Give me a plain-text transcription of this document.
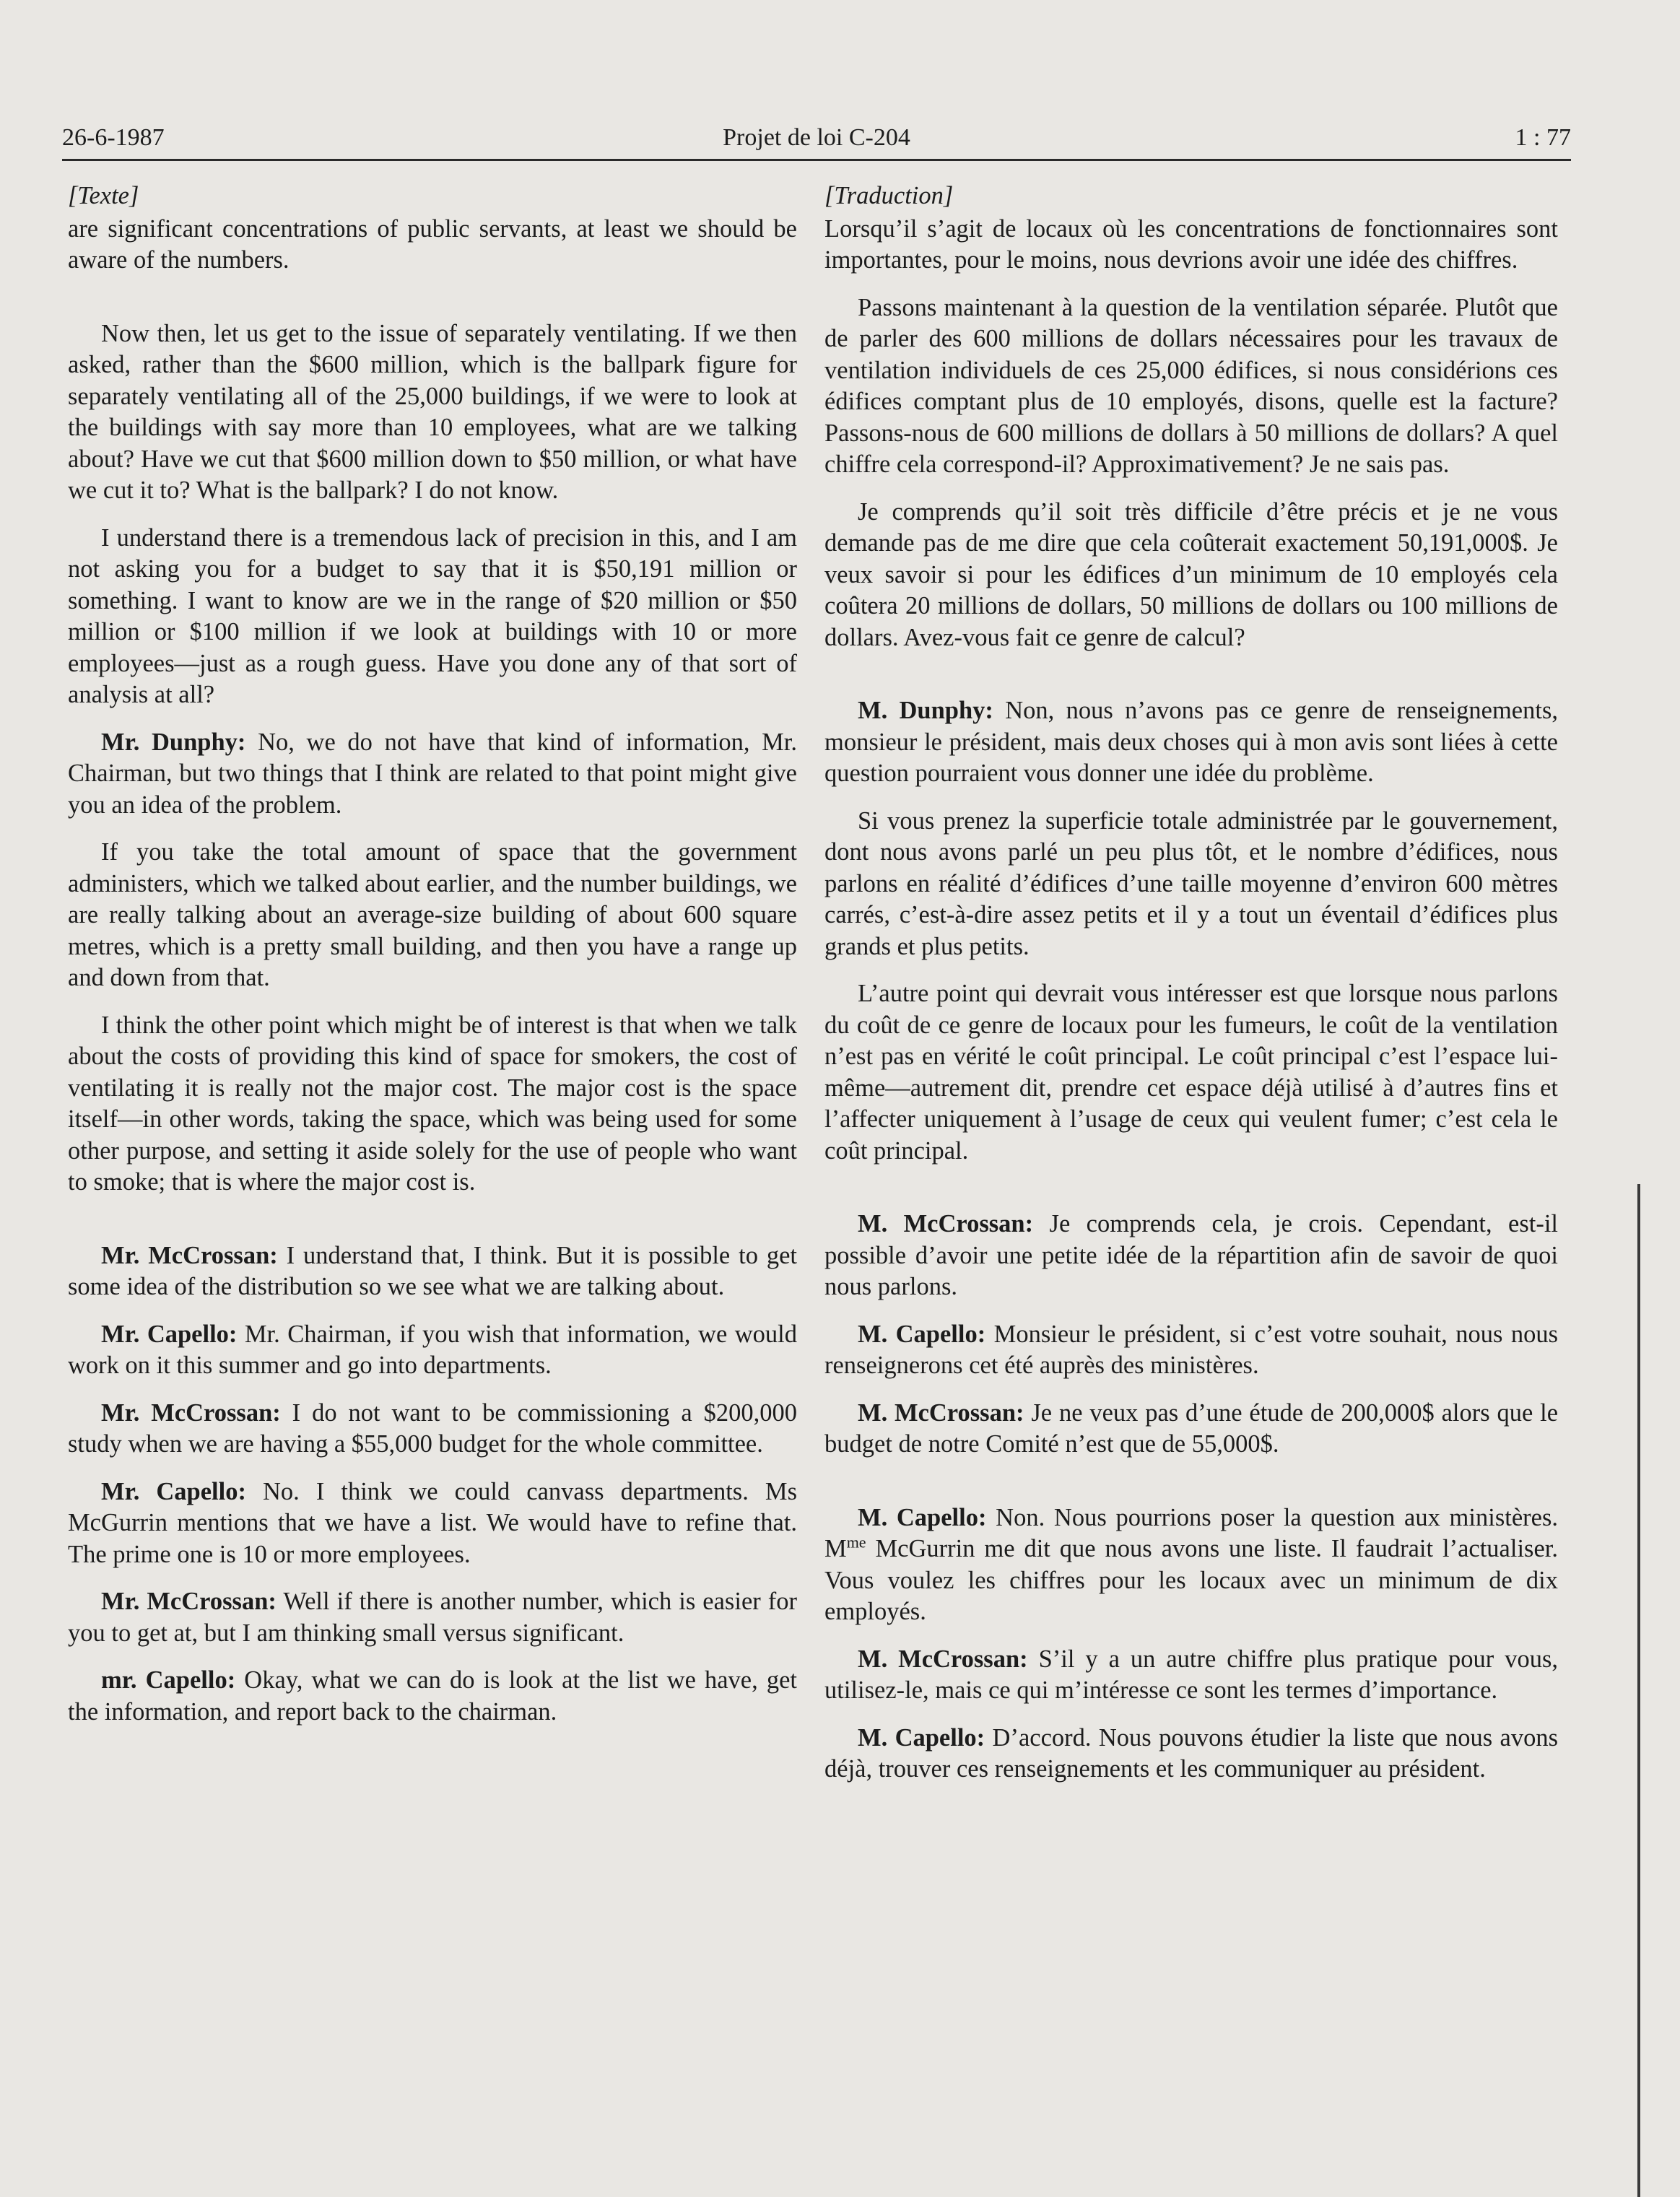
26-6-1987	Projet de loi C-204	1 : 77
[Texte]

are significant concentrations of public servants, at least we should be aware of the numbers.

Now then, let us get to the issue of separately ventilating. If we then asked, rather than the $600 million, which is the ballpark figure for separately ventilating all of the 25,000 buildings, if we were to look at the buildings with say more than 10 employees, what are we talking about? Have we cut that $600 million down to $50 million, or what have we cut it to? What is the ballpark? I do not know.

I understand there is a tremendous lack of precision in this, and I am not asking you for a budget to say that it is $50,191 million or something. I want to know are we in the range of $20 million or $50 million or $100 million if we look at buildings with 10 or more employees—just as a rough guess. Have you done any of that sort of analysis at all?

Mr. Dunphy: No, we do not have that kind of information, Mr. Chairman, but two things that I think are related to that point might give you an idea of the problem.

If you take the total amount of space that the government administers, which we talked about earlier, and the number buildings, we are really talking about an average-size building of about 600 square metres, which is a pretty small building, and then you have a range up and down from that.

I think the other point which might be of interest is that when we talk about the costs of providing this kind of space for smokers, the cost of ventilating it is really not the major cost. The major cost is the space itself—in other words, taking the space, which was being used for some other purpose, and setting it aside solely for the use of people who want to smoke; that is where the major cost is.

Mr. McCrossan: I understand that, I think. But it is possible to get some idea of the distribution so we see what we are talking about.

Mr. Capello: Mr. Chairman, if you wish that information, we would work on it this summer and go into departments.

Mr. McCrossan: I do not want to be commissioning a $200,000 study when we are having a $55,000 budget for the whole committee.

Mr. Capello: No. I think we could canvass departments. Ms McGurrin mentions that we have a list. We would have to refine that. The prime one is 10 or more employees.

Mr. McCrossan: Well if there is another number, which is easier for you to get at, but I am thinking small versus significant.

mr. Capello: Okay, what we can do is look at the list we have, get the information, and report back to the chairman.

[Traduction]

Lorsqu’il s’agit de locaux où les concentrations de fonctionnaires sont importantes, pour le moins, nous devrions avoir une idée des chiffres.

Passons maintenant à la question de la ventilation séparée. Plutôt que de parler des 600 millions de dollars nécessaires pour les travaux de ventilation individuels de ces 25,000 édifices, si nous considérions ces édifices comptant plus de 10 employés, disons, quelle est la facture? Passons-nous de 600 millions de dollars à 50 millions de dollars? A quel chiffre cela correspond-il? Approximativement? Je ne sais pas.

Je comprends qu’il soit très difficile d’être précis et je ne vous demande pas de me dire que cela coûterait exactement 50,191,000$. Je veux savoir si pour les édifices d’un minimum de 10 employés cela coûtera 20 millions de dollars, 50 millions de dollars ou 100 millions de dollars. Avez-vous fait ce genre de calcul?

M. Dunphy: Non, nous n’avons pas ce genre de renseignements, monsieur le président, mais deux choses qui à mon avis sont liées à cette question pourraient vous donner une idée du problème.

Si vous prenez la superficie totale administrée par le gouvernement, dont nous avons parlé un peu plus tôt, et le nombre d’édifices, nous parlons en réalité d’édifices d’une taille moyenne d’environ 600 mètres carrés, c’est-à-dire assez petits et il y a tout un éventail d’édifices plus grands et plus petits.

L’autre point qui devrait vous intéresser est que lorsque nous parlons du coût de ce genre de locaux pour les fumeurs, le coût de la ventilation n’est pas en vérité le coût principal. Le coût principal c’est l’espace lui-même—autrement dit, prendre cet espace déjà utilisé à d’autres fins et l’affecter uniquement à l’usage de ceux qui veulent fumer; c’est cela le coût principal.

M. McCrossan: Je comprends cela, je crois. Cependant, est-il possible d’avoir une petite idée de la répartition afin de savoir de quoi nous parlons.

M. Capello: Monsieur le président, si c’est votre souhait, nous nous renseignerons cet été auprès des ministères.

M. McCrossan: Je ne veux pas d’une étude de 200,000$ alors que le budget de notre Comité n’est que de 55,000$.

M. Capello: Non. Nous pourrions poser la question aux ministères. $M^{me}$ McGurrin me dit que nous avons une liste. Il faudrait l’actualiser. Vous voulez les chiffres pour les locaux avec un minimum de dix employés.

M. McCrossan: S’il y a un autre chiffre plus pratique pour vous, utilisez-le, mais ce qui m’intéresse ce sont les termes d’importance.

M. Capello: D’accord. Nous pouvons étudier la liste que nous avons déjà, trouver ces renseignements et les communiquer au président.
